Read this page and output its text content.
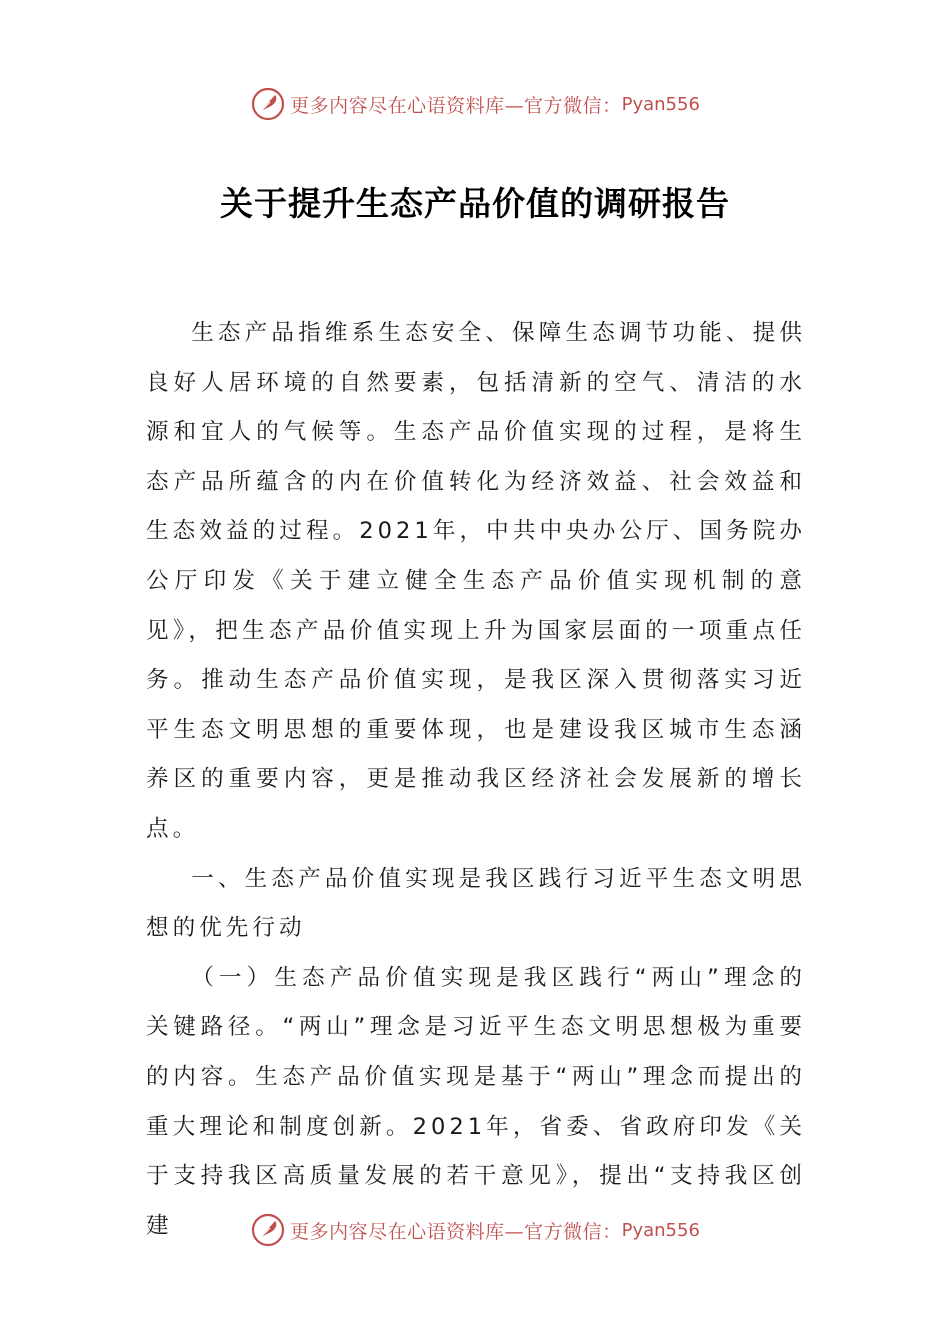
更多内容尽在心语资料库—官方微信： Pyan556
关于提升生态产品价值的调研报告

生态产品指维系生态安全、保障生态调节功能、提供良好人居环境的自然要素，包括清新的空气、清洁的水源和宜人的气候等。生态产品价值实现的过程，是将生态产品所蕴含的内在价值转化为经济效益、社会效益和生态效益的过程。2021年，中共中央办公厅、国务院办公厅印发《关于建立健全生态产品价值实现机制的意见》，把生态产品价值实现上升为国家层面的一项重点任务。推动生态产品价值实现，是我区深入贯彻落实习近平生态文明思想的重要体现，也是建设我区城市生态涵养区的重要内容，更是推动我区经济社会发展新的增长点。

一、生态产品价值实现是我区践行习近平生态文明思想的优先行动

（一）生态产品价值实现是我区践行“两山”理念的关键路径。“两山”理念是习近平生态文明思想极为重要的内容。生态产品价值实现是基于“两山”理念而提出的重大理论和制度创新。2021年，省委、省政府印发《关于支持我区高质量发展的若干意见》，提出“支持我区创建	更多内容尽在心语资料库—官方微信： Pyan556
